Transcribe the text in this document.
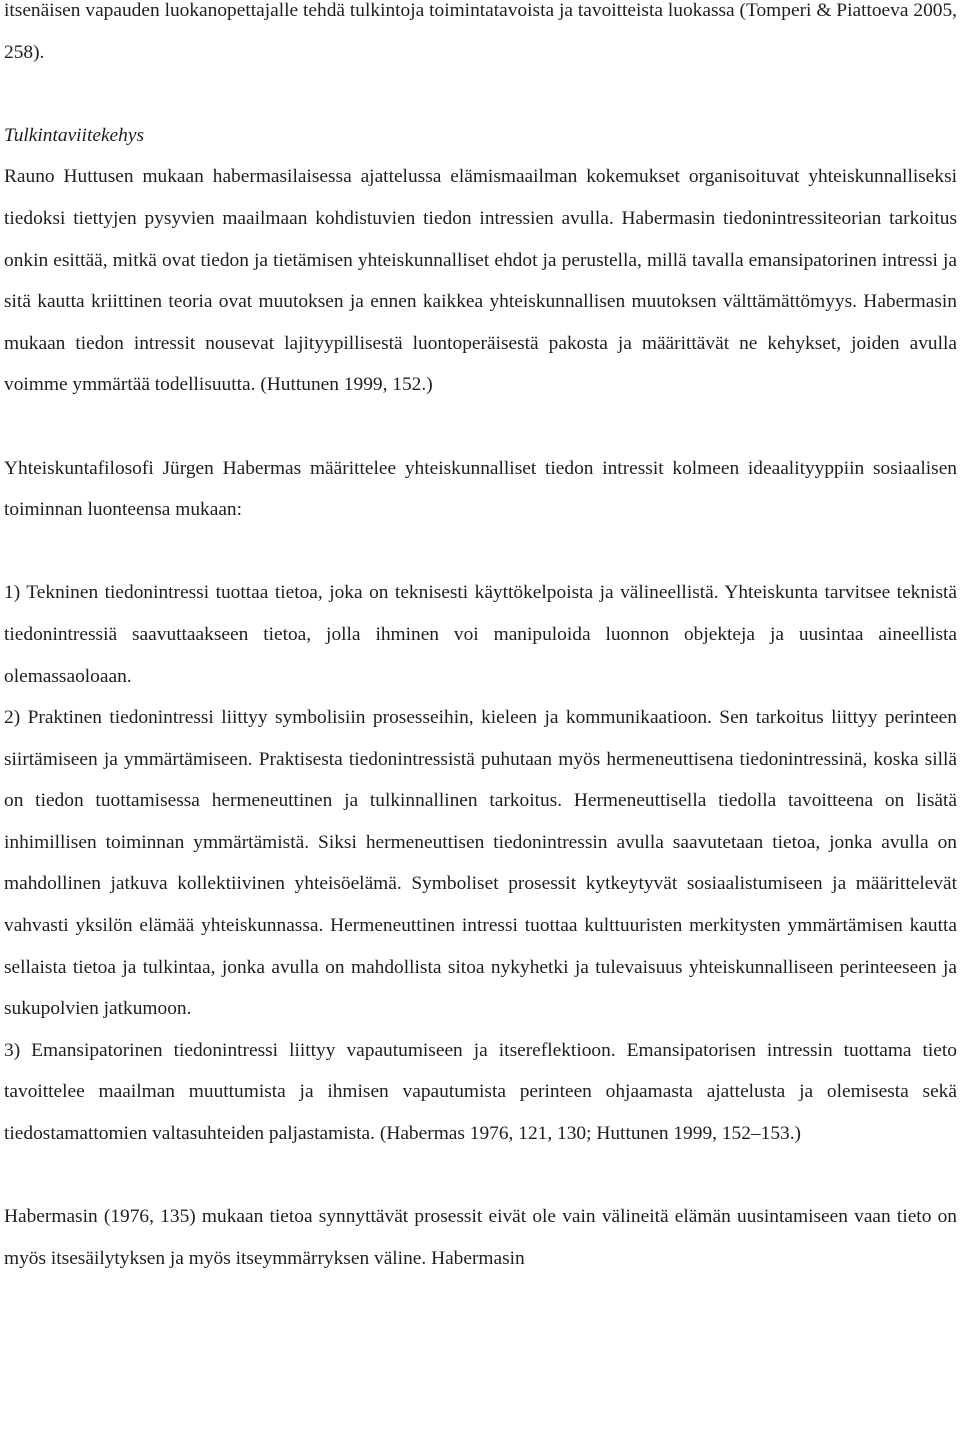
itsenäisen vapauden luokanopettajalle tehdä tulkintoja toimintatavoista ja tavoitteista luokassa (Tomperi & Piattoeva 2005, 258).

Tulkintaviitekehys

Rauno Huttusen mukaan habermasilaisessa ajattelussa elämismaailman kokemukset organisoituvat yhteiskunnalliseksi tiedoksi tiettyjen pysyvien maailmaan kohdistuvien tiedon intressien avulla. Habermasin tiedonintressiteorian tarkoitus onkin esittää, mitkä ovat tiedon ja tietämisen yhteiskunnalliset ehdot ja perustella, millä tavalla emansipatorinen intressi ja sitä kautta kriittinen teoria ovat muutoksen ja ennen kaikkea yhteiskunnallisen muutoksen välttämättömyys. Habermasin mukaan tiedon intressit nousevat lajityypillisestä luontoperäisestä pakosta ja määrittävät ne kehykset, joiden avulla voimme ymmärtää todellisuutta. (Huttunen 1999, 152.)

Yhteiskuntafilosofi Jürgen Habermas määrittelee yhteiskunnalliset tiedon intressit kolmeen ideaalityyppiin sosiaalisen toiminnan luonteensa mukaan:

1) Tekninen tiedonintressi tuottaa tietoa, joka on teknisesti käyttökelpoista ja välineellistä. Yhteiskunta tarvitsee teknistä tiedonintressiä saavuttaakseen tietoa, jolla ihminen voi manipuloida luonnon objekteja ja uusintaa aineellista olemassaoloaan.

2) Praktinen tiedonintressi liittyy symbolisiin prosesseihin, kieleen ja kommunikaatioon. Sen tarkoitus liittyy perinteen siirtämiseen ja ymmärtämiseen. Praktisesta tiedonintressistä puhutaan myös hermeneuttisena tiedonintressinä, koska sillä on tiedon tuottamisessa hermeneuttinen ja tulkinnallinen tarkoitus. Hermeneuttisella tiedolla tavoitteena on lisätä inhimillisen toiminnan ymmärtämistä. Siksi hermeneuttisen tiedonintressin avulla saavutetaan tietoa, jonka avulla on mahdollinen jatkuva kollektiivinen yhteisöelämä. Symboliset prosessit kytkeytyvät sosiaalistumiseen ja määrittelevät vahvasti yksilön elämää yhteiskunnassa. Hermeneuttinen intressi tuottaa kulttuuristen merkitysten ymmärtämisen kautta sellaista tietoa ja tulkintaa, jonka avulla on mahdollista sitoa nykyhetki ja tulevaisuus yhteiskunnalliseen perinteeseen ja sukupolvien jatkumoon.

3) Emansipatorinen tiedonintressi liittyy vapautumiseen ja itsereflektioon. Emansipatorisen intressin tuottama tieto tavoittelee maailman muuttumista ja ihmisen vapautumista perinteen ohjaamasta ajattelusta ja olemisesta sekä tiedostamattomien valtasuhteiden paljastamista. (Habermas 1976, 121, 130; Huttunen 1999, 152–153.)

Habermasin (1976, 135) mukaan tietoa synnyttävät prosessit eivät ole vain välineitä elämän uusintamiseen vaan tieto on myös itsesäilytyksen ja myös itseymmärryksen väline. Habermasin
